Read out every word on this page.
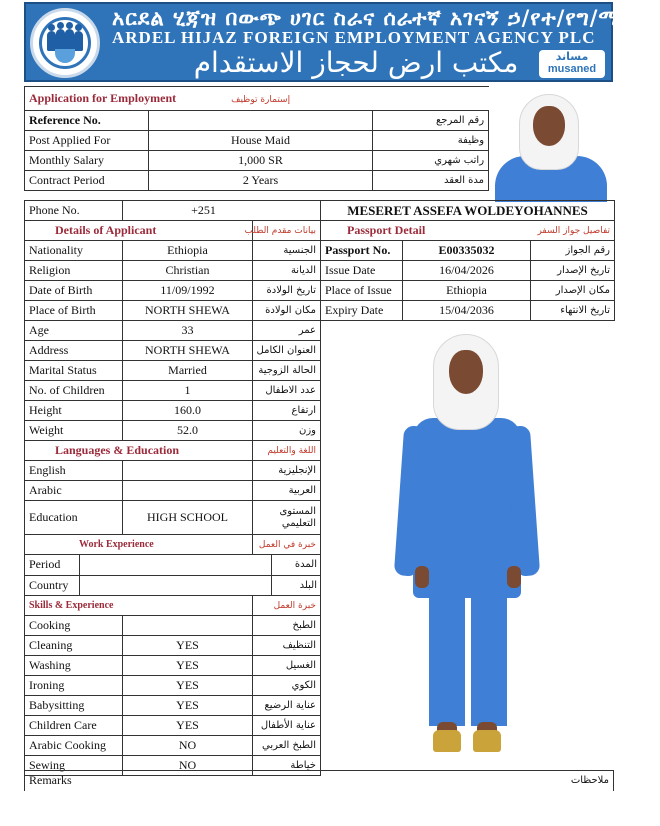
አርደል ሂጃዝ በውጭ ሀገር ስራና ሰራተኛ አገናኝ ኃ/የተ/የግ/ማህበር
ARDEL HIJAZ FOREIGN EMPLOYMENT AGENCY PLC
مكتب ارض لحجاز الاستقدام	مساند
musaned
Application for Employment إستمارة توظيف		
Reference No.		رقم المرجع
Post Applied For	House Maid	وظيفة
Monthly Salary	1,000 SR	راتب شهري
Contract Period	2 Years	مدة العقد
Phone No.	+251
Details of Applicant	بيانات مقدم الطلب
Nationality	Ethiopia	الجنسية
Religion	Christian	الديانة
Date of Birth	11/09/1992	تاريخ الولادة
Place of Birth	NORTH SHEWA	مكان الولادة
Age	33	عمر
Address	NORTH SHEWA	العنوان الكامل
Marital Status	Married	الحالة الزوجية
No. of Children	1	عدد الاطفال
Height	160.0	ارتفاع
Weight	52.0	وزن
Languages & Education	اللغة والتعليم
English		الإنجليزية
Arabic		العربية
Education	HIGH SCHOOL	المستوى التعليمي
Work Experience	خبرة في العمل

Period		المدة
Country		البلد

Skills & Experience	خبرة العمل
Cooking		الطبخ
Cleaning	YES	التنظيف
Washing	YES	الغسيل
Ironing	YES	الكوي
Babysitting	YES	عناية الرضيع
Children Care	YES	عناية الأطفال
Arabic Cooking	NO	الطبخ العربي
Sewing	NO	خياطة
MESERET ASSEFA WOLDEYOHANNES		
Passport Detail		تفاصيل جواز السفر
Passport No.	E00335032	رقم الجواز
Issue Date	16/04/2026	تاريخ الإصدار
Place of Issue	Ethiopia	مكان الإصدار
Expiry Date	15/04/2036	تاريخ الانتهاء
Remarks	ملاحظات
